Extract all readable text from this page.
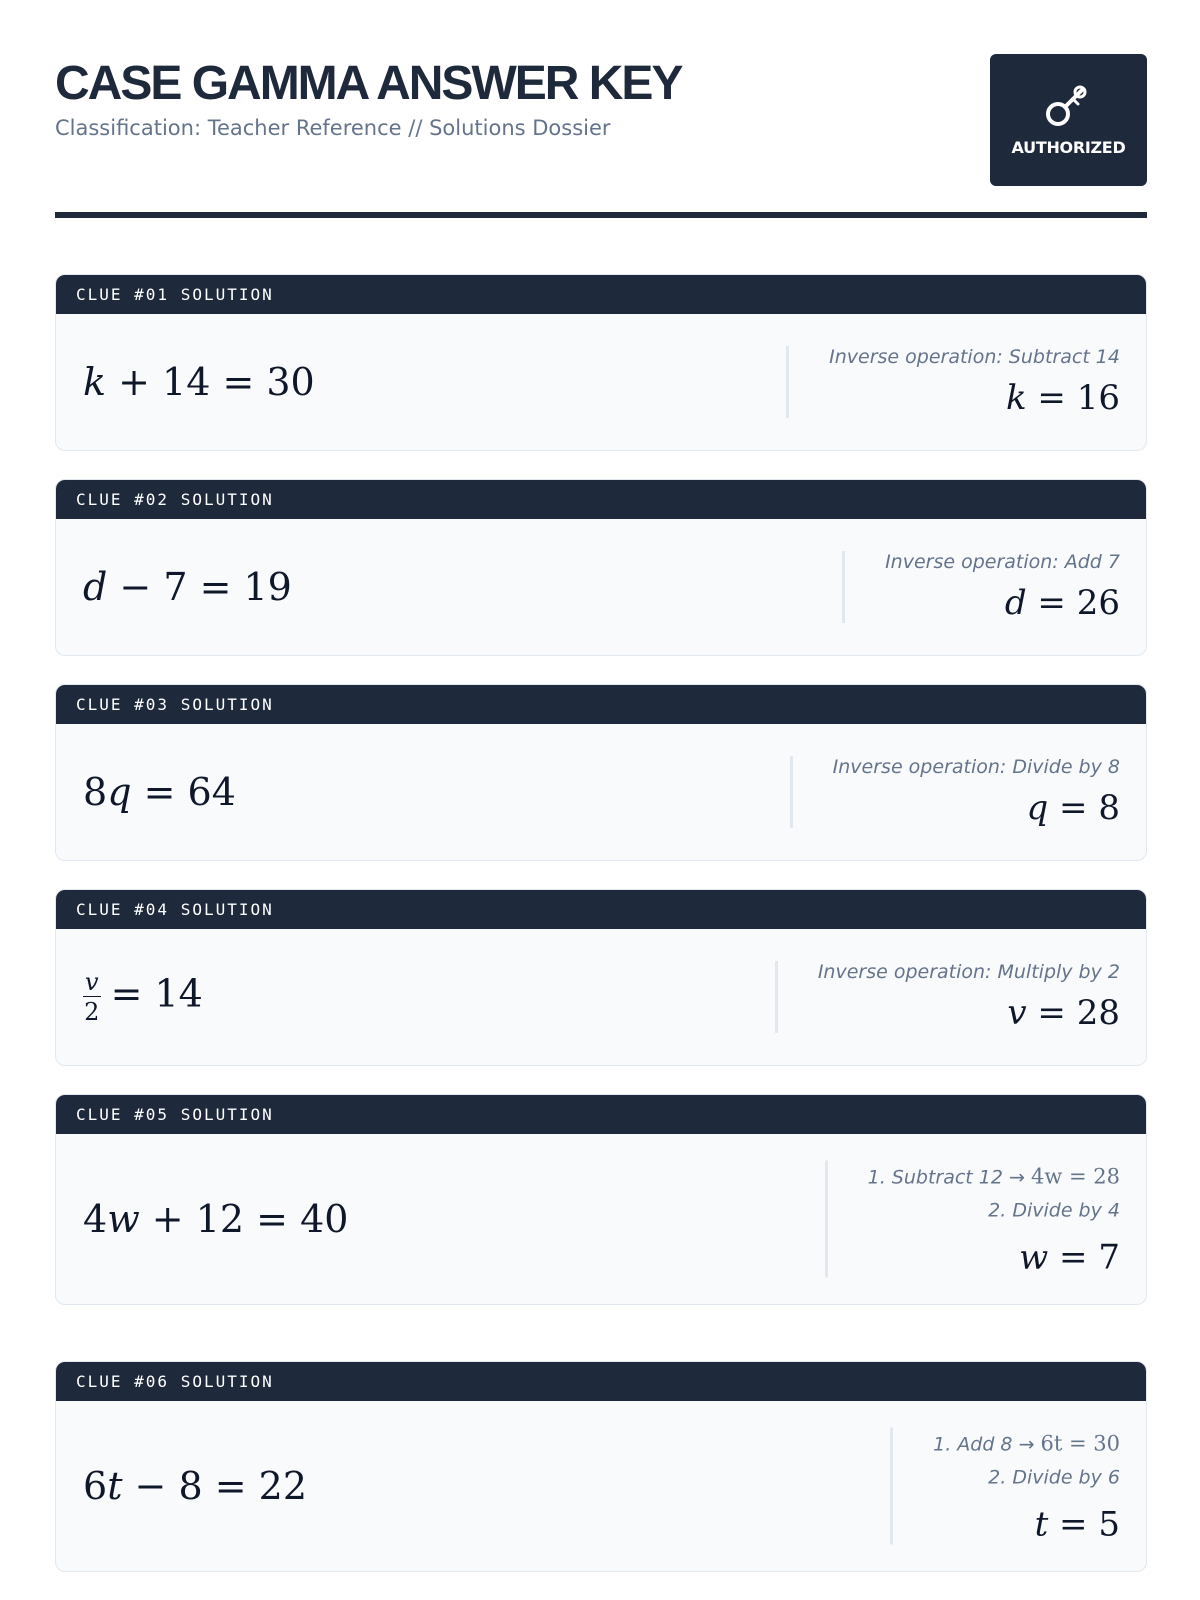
CASE GAMMA ANSWER KEY
Classification: Teacher Reference // Solutions Dossier
AUTHORIZED
CLUE #01 SOLUTION
k + 14 = 30
Inverse operation: Subtract 14
k = 16
CLUE #02 SOLUTION
d − 7 = 19
Inverse operation: Add 7
d = 26
CLUE #03 SOLUTION
8q = 64
Inverse operation: Divide by 8
q = 8
CLUE #04 SOLUTION
$\frac{v}{2} = 14$	Inverse operation: Multiply by 2
v = 28
CLUE #05 SOLUTION
4w + 12 = 40
1. Subtract 12 → 4w = 28
2. Divide by 4
w = 7
CLUE #06 SOLUTION
6t − 8 = 22
1. Add 8 → 6t = 30
2. Divide by 6
t = 5
